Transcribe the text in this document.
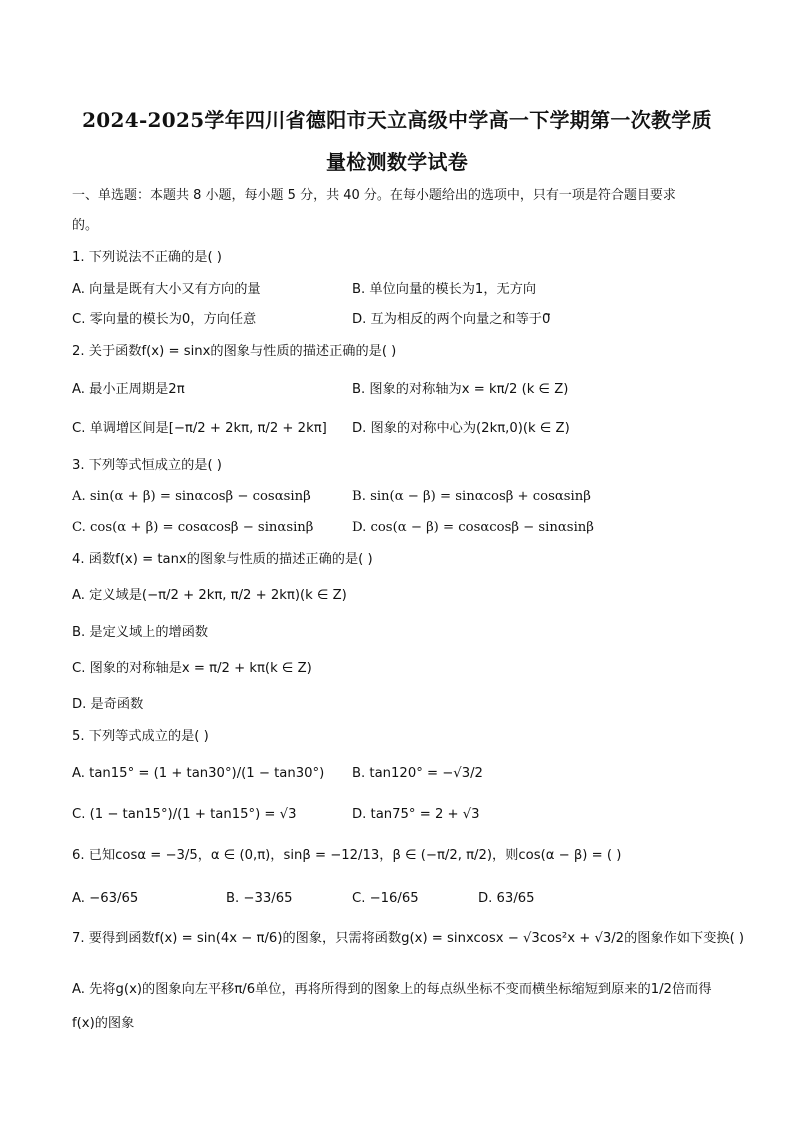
2024-2025学年四川省德阳市天立高级中学高一下学期第一次教学质
量检测数学试卷
一、单选题：本题共 8 小题，每小题 5 分，共 40 分。在每小题给出的选项中，只有一项是符合题目要求
的。
1. 下列说法不正确的是( )
A. 向量是既有大小又有方向的量	B. 单位向量的模长为1，无方向
C. 零向量的模长为0，方向任意	D. 互为相反的两个向量之和等于0⃗
2. 关于函数f(x) = sinx的图象与性质的描述正确的是( )
A. 最小正周期是2π	B. 图象的对称轴为x = kπ/2 (k ∈ Z)
C. 单调增区间是[−π/2 + 2kπ, π/2 + 2kπ] D. 图象的对称中心为(2kπ,0)(k ∈ Z)
3. 下列等式恒成立的是( )
A. sin(α + β) = sinαcosβ − cosαsinβ	B. sin(α − β) = sinαcosβ + cosαsinβ
C. cos(α + β) = cosαcosβ − sinαsinβ	D. cos(α − β) = cosαcosβ − sinαsinβ
4. 函数f(x) = tanx的图象与性质的描述正确的是( )
A. 定义域是(−π/2 + 2kπ, π/2 + 2kπ)(k ∈ Z)
B. 是定义域上的增函数
C. 图象的对称轴是x = π/2 + kπ(k ∈ Z)
D. 是奇函数
5. 下列等式成立的是( )
A. tan15° = (1 + tan30°)/(1 − tan30°) B. tan120° = −√3/2
C. (1 − tan15°)/(1 + tan15°) = √3	D. tan75° = 2 + √3
6. 已知cosα = −3/5，α ∈ (0,π)，sinβ = −12/13，β ∈ (−π/2, π/2)，则cos(α − β) = ( )
A. −63/65	B. −33/65	C. −16/65	D. 63/65
7. 要得到函数f(x) = sin(4x − π/6)的图象，只需将函数g(x) = sinxcosx − √3cos²x + √3/2的图象作如下变换( )
A. 先将g(x)的图象向左平移π/6单位，再将所得到的图象上的每点纵坐标不变而横坐标缩短到原来的1/2倍而得 f(x)的图象
